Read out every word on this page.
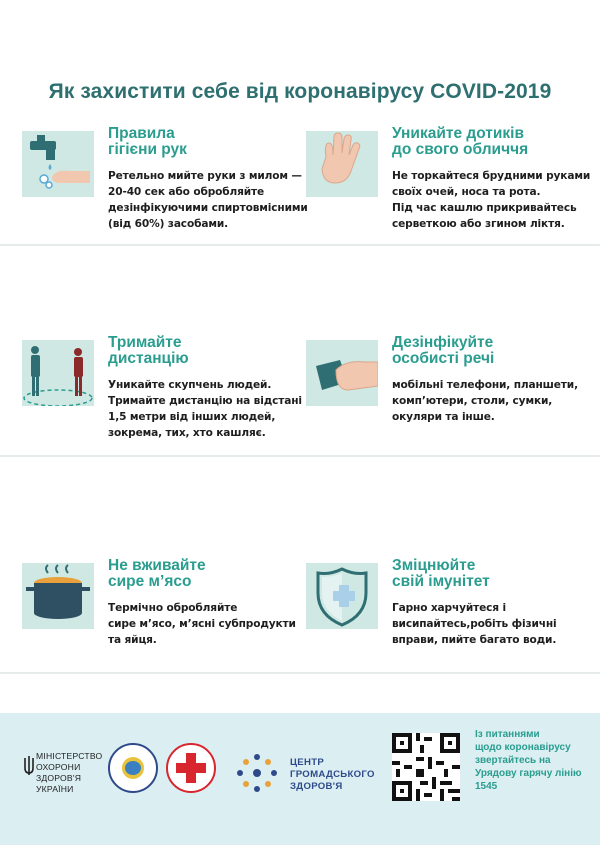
Як захистити себе від коронавірусу COVID-2019
Правила
гігієни рук
Ретельно мийте руки з милом —
20-40 сек або обробляйте
дезінфікуючими спиртовмісними
(від 60%) засобами.
Уникайте дотиків
до свого обличчя
Не торкайтеся брудними руками
своїх очей, носа та рота.
Під час кашлю прикривайтесь
серветкою або згином ліктя.
Тримайте
дистанцію
Уникайте скупчень людей.
Тримайте дистанцію на відстані
1,5 метри від інших людей,
зокрема, тих, хто кашляє.
Дезінфікуйте
особисті речі
мобільні телефони, планшети,
комп’ютери, столи, сумки,
окуляри та інше.
Не вживайте
сире м’ясо
Термічно обробляйте
сире м’ясо, м’ясні субпродукти
та яйця.
Зміцнюйте
свій імунітет
Гарно харчуйтеся і
висипайтесь,робіть фізичні
вправи, пийте багато води.
МІНІСТЕРСТВО
ОХОРОНИ
ЗДОРОВ'Я
УКРАЇНИ
ЦЕНТР
ГРОМАДСЬКОГО
ЗДОРОВ'Я
Із питаннями
щодо коронавірусу
звертайтесь на
Урядову гарячу лінію
1545
